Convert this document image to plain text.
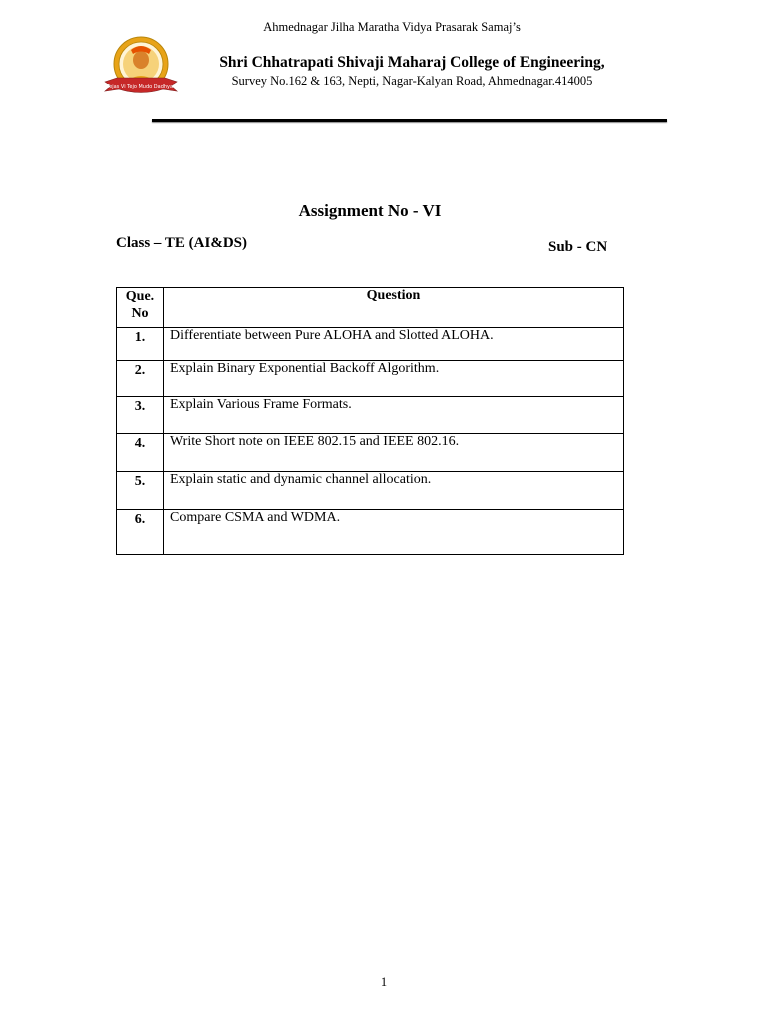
Ahmednagar Jilha Maratha Vidya Prasarak Samaj’s
Tejas Vi Tejo Mudo Dadhyat
Shri Chhatrapati Shivaji Maharaj College of Engineering,
Survey No.162 & 163, Nepti, Nagar-Kalyan Road, Ahmednagar.414005
Assignment No - VI
Class – TE (AI&DS)	Sub - CN
Que. No	Question
1.	Differentiate between Pure ALOHA and Slotted ALOHA.
2.	Explain Binary Exponential Backoff Algorithm.
3.	Explain Various Frame Formats.
4.	Write Short note on IEEE 802.15 and IEEE 802.16.
5.	Explain static and dynamic channel allocation.
6.	Compare CSMA and WDMA.
1
